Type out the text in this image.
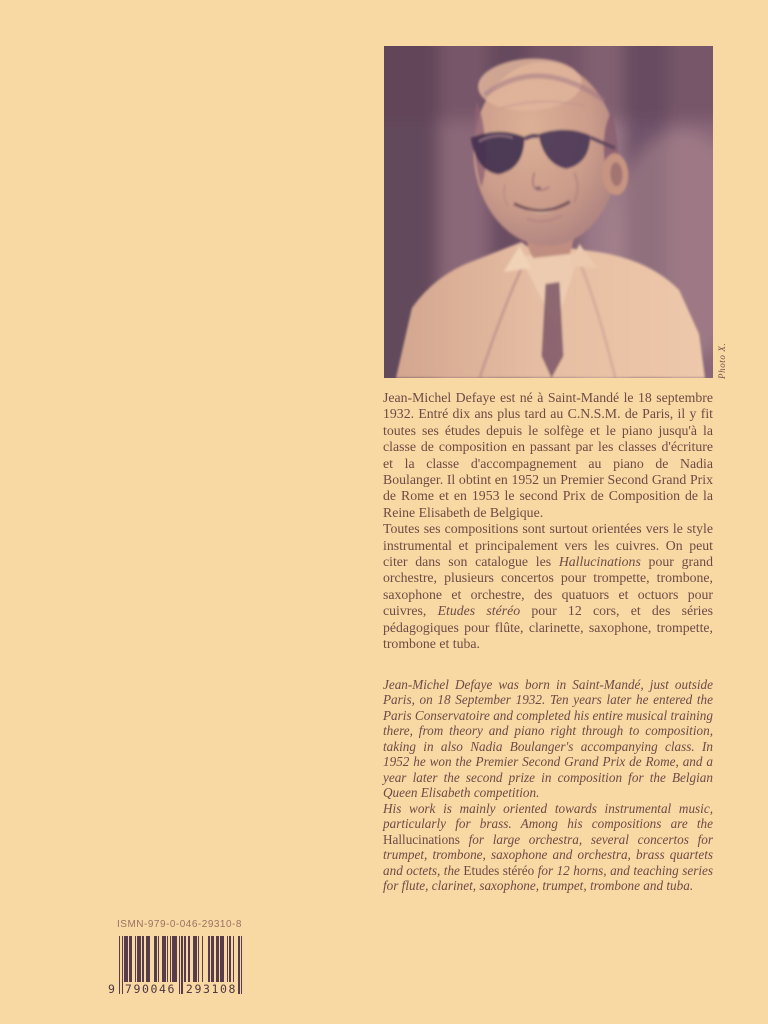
Photo X.

Jean-Michel Defaye est né à Saint-Mandé le 18 septembre 1932. Entré dix ans plus tard au C.N.S.M. de Paris, il y fit toutes ses études depuis le solfège et le piano jusqu'à la classe de composition en passant par les classes d'écriture et la classe d'accompagnement au piano de Nadia Boulanger. Il obtint en 1952 un Premier Second Grand Prix de Rome et en 1953 le second Prix de Composition de la Reine Elisabeth de Belgique.

Toutes ses compositions sont surtout orientées vers le style instrumental et principalement vers les cuivres. On peut citer dans son catalogue les Hallucinations pour grand orchestre, plusieurs concertos pour trompette, trombone, saxophone et orchestre, des quatuors et octuors pour cuivres, Etudes stéréo pour 12 cors, et des séries pédagogiques pour flûte, clarinette, saxophone, trompette, trombone et tuba.

Jean-Michel Defaye was born in Saint-Mandé, just outside Paris, on 18 September 1932. Ten years later he entered the Paris Conservatoire and completed his entire musical training there, from theory and piano right through to composition, taking in also Nadia Boulanger's accompanying class. In 1952 he won the Premier Second Grand Prix de Rome, and a year later the second prize in composition for the Belgian Queen Elisabeth competition.

His work is mainly oriented towards instrumental music, particularly for brass. Among his compositions are the Hallucinations for large orchestra, several concertos for trumpet, trombone, saxophone and orchestra, brass quartets and octets, the Etudes stéréo for 12 horns, and teaching series for flute, clarinet, saxophone, trumpet, trombone and tuba.

ISMN-979-0-046-29310-8
9 790046 293108
